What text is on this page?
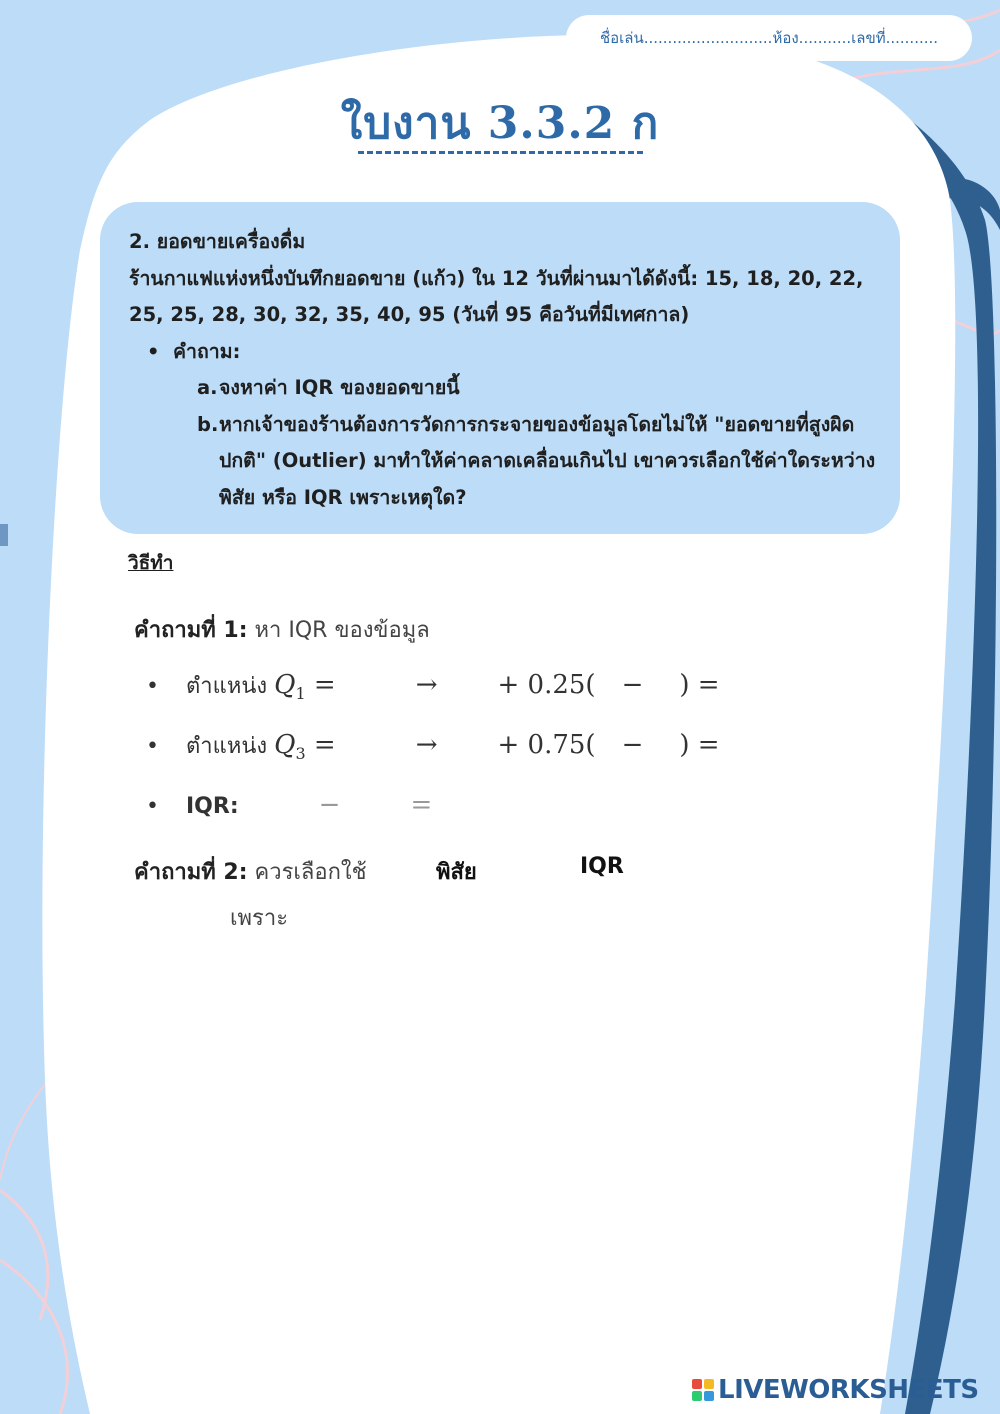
ชื่อเล่น...........................ห้อง...........เลขที่...........
ใบงาน 3.3.2 ก

2. ยอดขายเครื่องดื่ม

ร้านกาแฟแห่งหนึ่งบันทึกยอดขาย (แก้ว) ใน 12 วันที่ผ่านมาได้ดังนี้: 15, 18, 20, 22, 25, 25, 28, 30, 32, 35, 40, 95 (วันที่ 95 คือวันที่มีเทศกาล)

• คำถาม:
a. จงหาค่า IQR ของยอดขายนี้
b. หากเจ้าของร้านต้องการวัดการกระจายของข้อมูลโดยไม่ให้ "ยอดขายที่สูงผิดปกติ" (Outlier) มาทำให้ค่าคลาดเคลื่อนเกินไป เขาควรเลือกใช้ค่าใดระหว่าง พิสัย หรือ IQR เพราะเหตุใด?
วิธีทำ
คำถามที่ 1: หา IQR ของข้อมูล
• ตำแหน่ง $Q_1$ =	→ + 0.25( − ) =
• ตำแหน่ง $Q_3$ =	→ + 0.75( − ) =
• IQR:	−	=
คำถามที่ 2: ควรเลือกใช้	พิสัย	IQR
เพราะ
LIVEWORKSHEETS
